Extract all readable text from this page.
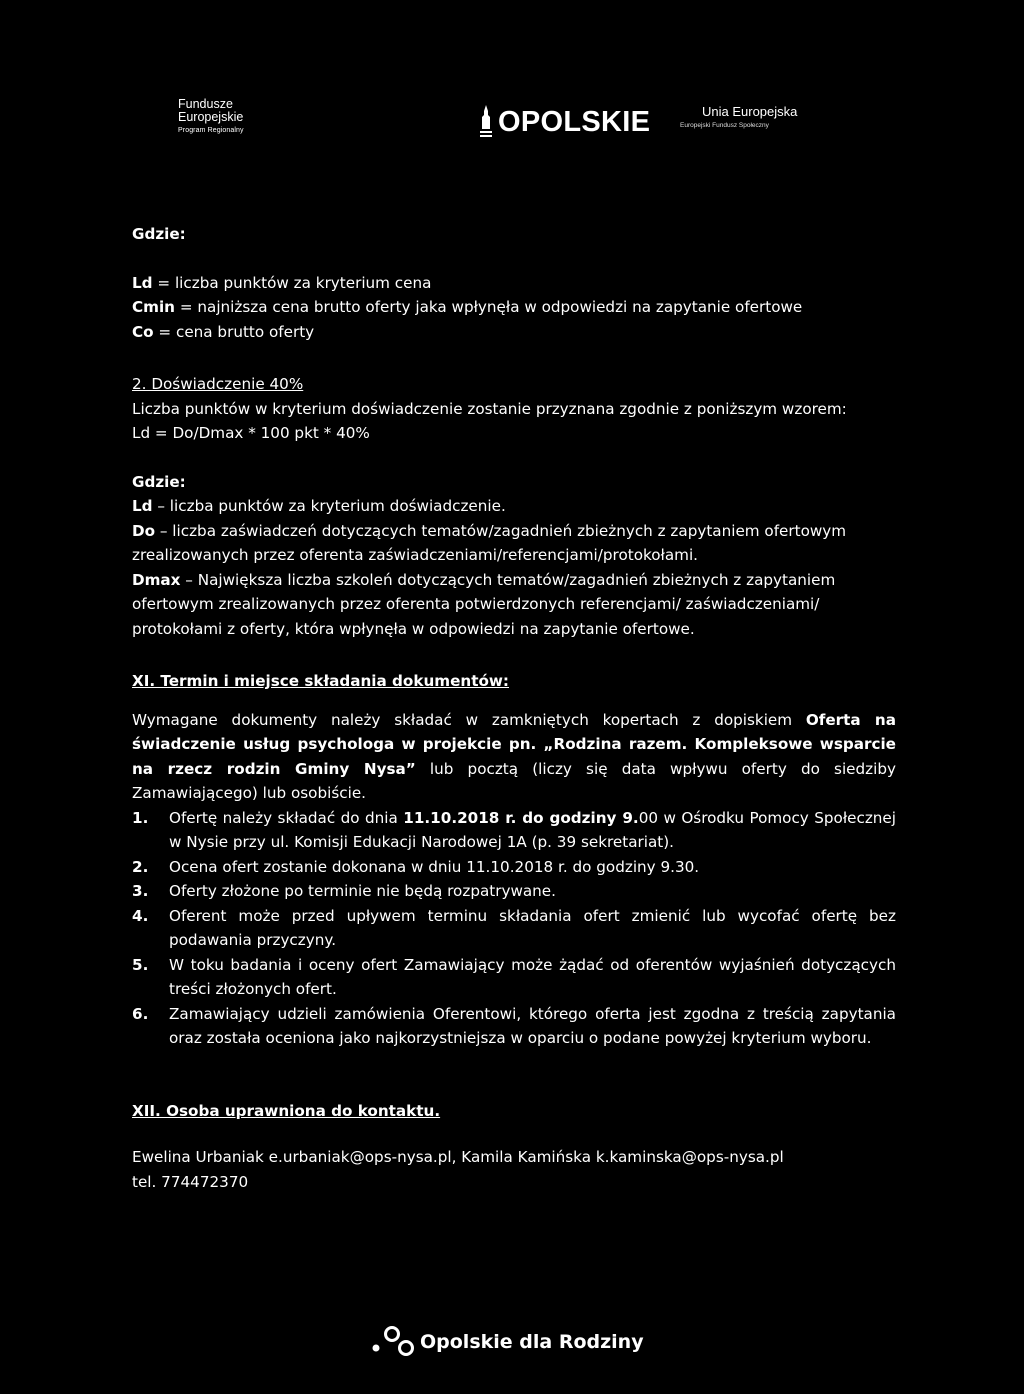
Fundusze
Europejskie
Program Regionalny	OPOLSKIE	Unia Europejska
Europejski Fundusz Społeczny

Gdzie:

Ld = liczba punktów za kryterium cena

Cmin = najniższa cena brutto oferty jaka wpłynęła w odpowiedzi na zapytanie ofertowe

Co = cena brutto oferty

2. Doświadczenie 40%

Liczba punktów w kryterium doświadczenie zostanie przyznana zgodnie z poniższym wzorem:

Ld = Do/Dmax * 100 pkt * 40%

Gdzie:

Ld – liczba punktów za kryterium doświadczenie.

Do – liczba zaświadczeń dotyczących tematów/zagadnień zbieżnych z zapytaniem ofertowym zrealizowanych przez oferenta zaświadczeniami/referencjami/protokołami.

Dmax – Największa liczba szkoleń dotyczących tematów/zagadnień zbieżnych z zapytaniem ofertowym zrealizowanych przez oferenta potwierdzonych referencjami/ zaświadczeniami/ protokołami z oferty, która wpłynęła w odpowiedzi na zapytanie ofertowe.

XI. Termin i miejsce składania dokumentów:

Wymagane dokumenty należy składać w zamkniętych kopertach z dopiskiem Oferta na świadczenie usług psychologa w projekcie pn. „Rodzina razem. Kompleksowe wsparcie na rzecz rodzin Gminy Nysa” lub pocztą (liczy się data wpływu oferty do siedziby Zamawiającego) lub osobiście.

1.	Ofertę należy składać do dnia 11.10.2018 r. do godziny 9.00 w Ośrodku Pomocy Społecznej w Nysie przy ul. Komisji Edukacji Narodowej 1A (p. 39 sekretariat).
2.	Ocena ofert zostanie dokonana w dniu 11.10.2018 r. do godziny 9.30.
3.	Oferty złożone po terminie nie będą rozpatrywane.
4.	Oferent może przed upływem terminu składania ofert zmienić lub wycofać ofertę bez podawania przyczyny.
5.	W toku badania i oceny ofert Zamawiający może żądać od oferentów wyjaśnień dotyczących treści złożonych ofert.
6.	Zamawiający udzieli zamówienia Oferentowi, którego oferta jest zgodna z treścią zapytania oraz została oceniona jako najkorzystniejsza w oparciu o podane powyżej kryterium wyboru.

XII. Osoba uprawniona do kontaktu.

Ewelina Urbaniak e.urbaniak@ops-nysa.pl, Kamila Kamińska k.kaminska@ops-nysa.pl

tel. 774472370

Opolskie dla Rodziny
